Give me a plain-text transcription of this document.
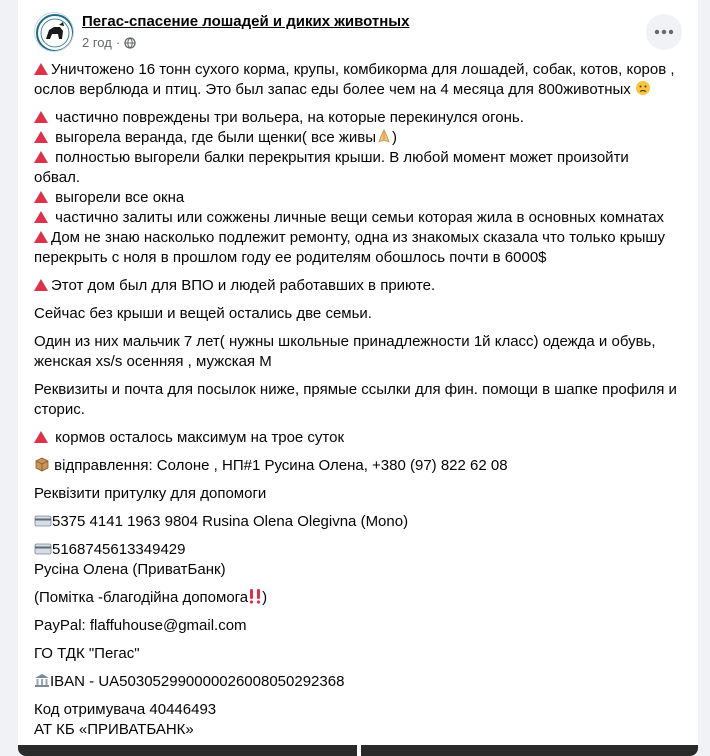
Пегас-спасение лошадей и диких животных
2 год ·
Уничтожено 16 тонн сухого корма, крупы, комбикорма для лошадей, собак, котов, коров ,
ослов верблюда и птиц. Это был запас еды более чем на 4 месяца для 800животных
частично повреждены три вольера, на которые перекинулся огонь.
выгорела веранда, где были щенки( все живы )
полностью выгорели балки перекрытия крыши. В любой момент может произойти
обвал.
выгорели все окна
частично залиты или сожжены личные вещи семьи которая жила в основных комнатах
Дом не знаю насколько подлежит ремонту, одна из знакомых сказала что только крышу
перекрыть с ноля в прошлом году ее родителям обошлось почти в 6000$
Этот дом был для ВПО и людей работавших в приюте.
Сейчас без крыши и вещей остались две семьи.
Один из них мальчик 7 лет( нужны школьные принадлежности 1й класс) одежда и обувь,
женская xs/s осенняя , мужская М
Реквизиты и почта для посылок ниже, прямые ссылки для фин. помощи в шапке профиля и
сторис.
кормов осталось максимум на трое суток
відправлення: Солоне , НП#1 Русина Олена, +380 (97) 822 62 08
Реквізити притулку для допомоги
5375 4141 1963 9804 Rusina Olena Olegivna (Mono)
5168745613349429
Русіна Олена (ПриватБанк)
(Помітка -благодійна допомога )
PayPal: flaffuhouse@gmail.com
ГО ТДК "Пегас"
IBAN - UA503052990000026008050292368
Код отримувача 40446493
АТ КБ «ПРИВАТБАНК»
